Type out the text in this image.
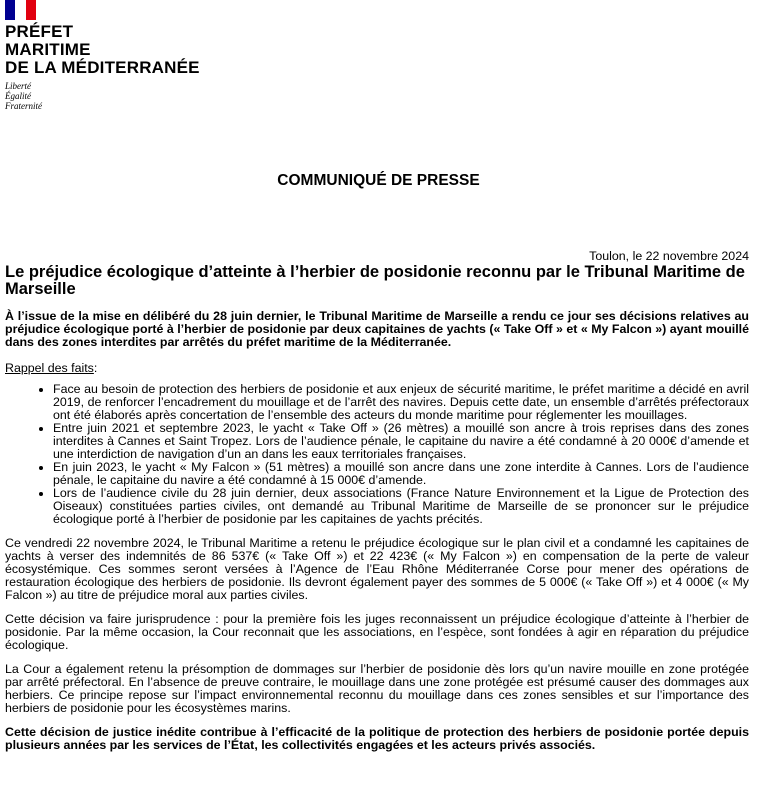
PRÉFET
MARITIME
DE LA MÉDITERRANÉE
Liberté
Égalité
Fraternité
COMMUNIQUÉ DE PRESSE

Toulon, le 22 novembre 2024

Le préjudice écologique d’atteinte à l’herbier de posidonie reconnu par le Tribunal Maritime de Marseille

À l’issue de la mise en délibéré du 28 juin dernier, le Tribunal Maritime de Marseille a rendu ce jour ses décisions relatives au préjudice écologique porté à l’herbier de posidonie par deux capitaines de yachts (« Take Off » et « My Falcon ») ayant mouillé dans des zones interdites par arrêtés du préfet maritime de la Méditerranée.

Rappel des faits:

• Face au besoin de protection des herbiers de posidonie et aux enjeux de sécurité maritime, le préfet maritime a décidé en avril 2019, de renforcer l’encadrement du mouillage et de l’arrêt des navires. Depuis cette date, un ensemble d’arrêtés préfectoraux ont été élaborés après concertation de l’ensemble des acteurs du monde maritime pour réglementer les mouillages.
• Entre juin 2021 et septembre 2023, le yacht « Take Off » (26 mètres) a mouillé son ancre à trois reprises dans des zones interdites à Cannes et Saint Tropez. Lors de l’audience pénale, le capitaine du navire a été condamné à 20 000€ d’amende et une interdiction de navigation d’un an dans les eaux territoriales françaises.
• En juin 2023, le yacht « My Falcon » (51 mètres) a mouillé son ancre dans une zone interdite à Cannes. Lors de l’audience pénale, le capitaine du navire a été condamné à 15 000€ d’amende.
• Lors de l’audience civile du 28 juin dernier, deux associations (France Nature Environnement et la Ligue de Protection des Oiseaux) constituées parties civiles, ont demandé au Tribunal Maritime de Marseille de se prononcer sur le préjudice écologique porté à l’herbier de posidonie par les capitaines de yachts précités.

Ce vendredi 22 novembre 2024, le Tribunal Maritime a retenu le préjudice écologique sur le plan civil et a condamné les capitaines de yachts à verser des indemnités de 86 537€ (« Take Off ») et 22 423€ (« My Falcon ») en compensation de la perte de valeur écosystémique. Ces sommes seront versées à l’Agence de l’Eau Rhône Méditerranée Corse pour mener des opérations de restauration écologique des herbiers de posidonie. Ils devront également payer des sommes de 5 000€ (« Take Off ») et 4 000€ (« My Falcon ») au titre de préjudice moral aux parties civiles.

Cette décision va faire jurisprudence : pour la première fois les juges reconnaissent un préjudice écologique d’atteinte à l’herbier de posidonie. Par la même occasion, la Cour reconnait que les associations, en l’espèce, sont fondées à agir en réparation du préjudice écologique.

La Cour a également retenu la présomption de dommages sur l’herbier de posidonie dès lors qu’un navire mouille en zone protégée par arrêté préfectoral. En l’absence de preuve contraire, le mouillage dans une zone protégée est présumé causer des dommages aux herbiers. Ce principe repose sur l’impact environnemental reconnu du mouillage dans ces zones sensibles et sur l’importance des herbiers de posidonie pour les écosystèmes marins.

Cette décision de justice inédite contribue à l’efficacité de la politique de protection des herbiers de posidonie portée depuis plusieurs années par les services de l’État, les collectivités engagées et les acteurs privés associés.
